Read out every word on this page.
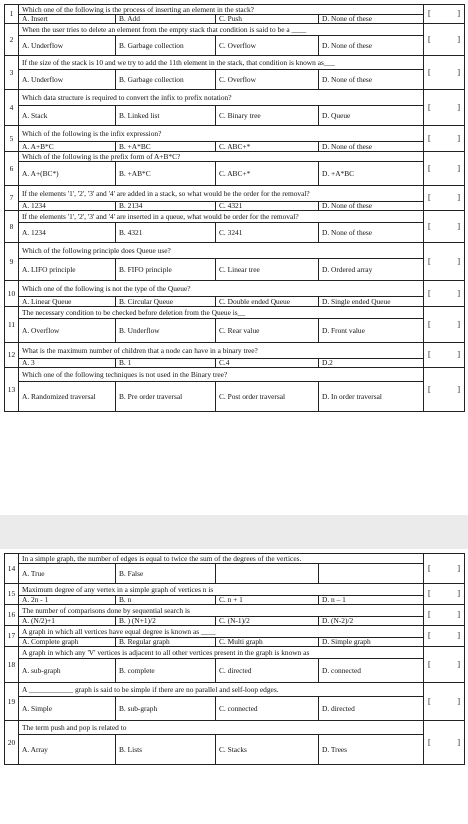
1	Which one of the following is the process of inserting an element in the stack?				[ ]

	A. Insert	B. Add	C. Push	D. None of these	
2	When the user tries to delete an element from the empty stack that condition is said to be a ____				[ ]

	A. Underflow	B. Garbage collection	C. Overflow	D. None of these	
3	If the size of the stack is 10 and we try to add the 11th element in the stack, that condition is known as___				[ ]

	A. Underflow	B. Garbage collection	C. Overflow	D. None of these	
4	Which data structure is required to convert the infix to prefix notation?				[ ]

	A. Stack	B. Linked list	C. Binary tree	D. Queue	
5	Which of the following is the infix expression?				[ ]

	A. A+B*C	B. +A*BC	C. ABC+*	D. None of these	
6	Which of the following is the prefix form of A+B*C?				[ ]

	A. A+(BC*)	B. +AB*C	C. ABC+*	D. +A*BC	
7	If the elements '1', '2', '3' and '4' are added in a stack, so what would be the order for the removal?				[ ]

	A. 1234	B. 2134	C. 4321	D. None of these	
8	If the elements '1', '2', '3' and '4' are inserted in a queue, what would be order for the removal?				[ ]

	A. 1234	B. 4321	C. 3241	D. None of these	
9	Which of the following principle does Queue use?				[ ]

	A. LIFO principle	B. FIFO principle	C. Linear tree	D. Ordered array	
10	Which one of the following is not the type of the Queue?				[ ]

	A. Linear Queue	B. Circular Queue	C. Double ended Queue	D. Single ended Queue	
11	The necessary condition to be checked before deletion from the Queue is__				[ ]

	A. Overflow	B. Underflow	C. Rear value	D. Front value	
12	What is the maximum number of children that a node can have in a binary tree?				[ ]

	A. 3	B. 1	C.4	D.2	
13	Which one of the following techniques is not used in the Binary tree?				[ ]

	A. Randomized traversal	B. Pre order traversal	C. Post order traversal	D. In order traversal	
14	In a simple graph, the number of edges is equal to twice the sum of the degrees of the vertices.				[ ]

	A. True	B. False			
15	Maximum degree of any vertex in a simple graph of vertices n is				[ ]

	A. 2n - 1	B. n	C. n + 1	D. n – 1	
16	The number of comparisons done by sequential search is				[ ]

	A. (N/2)+1	B. ) (N+1)/2	C. (N-1)/2	D. (N-2)/2	
17	A graph in which all vertices have equal degree is known as ____				[ ]

	A. Complete graph	B. Regular graph	C. Multi graph	D. Simple graph	
18	A graph in which any 'V' vertices is adjacent to all other vertices present in the graph is known as				[ ]

	A. sub-graph	B. complete	C. directed	D. connected	
19	A ____________ graph is said to be simple if there are no parallel and self-loop edges.				[ ]

	A. Simple	B. sub-graph	C. connected	D. directed	
20	The term push and pop is related to				[ ]

	A. Array	B. Lists	C. Stacks	D. Trees	
